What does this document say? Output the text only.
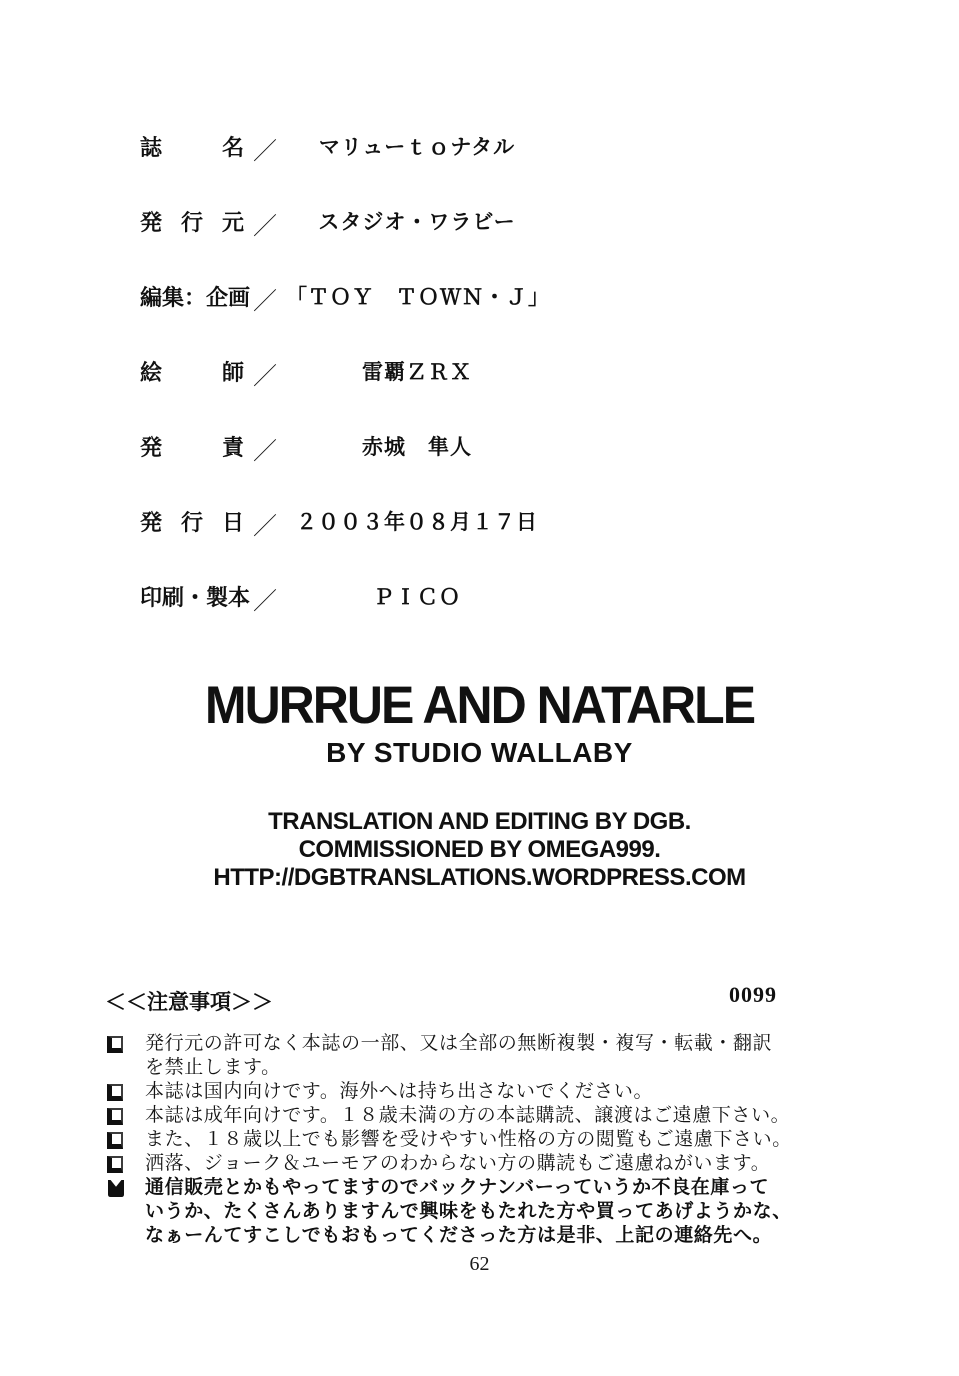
誌名 ／	マリューｔｏナタル
発行元 ／	スタジオ・ワラビー
編集：企画 ／ 「ＴＯＹ　ＴＯＷＮ・Ｊ」
絵師 ／	雷覇ＺＲＸ
発責 ／	赤城　隼人
発行日 ／ ２００３年０８月１７日
印刷・製本 ／	ＰＩＣＯ
MURRUE AND NATARLE
BY STUDIO WALLABY
TRANSLATION AND EDITING BY DGB.
COMMISSIONED BY OMEGA999.
HTTP://DGBTRANSLATIONS.WORDPRESS.COM
＜＜注意事項＞＞	0099
発行元の許可なく本誌の一部、又は全部の無断複製・複写・転載・翻訳
を禁止します。
本誌は国内向けです。海外へは持ち出さないでください。
本誌は成年向けです。１８歳未満の方の本誌購読、譲渡はご遠慮下さい。
また、１８歳以上でも影響を受けやすい性格の方の閲覧もご遠慮下さい。
洒落、ジョーク＆ユーモアのわからない方の購読もご遠慮ねがいます。
通信販売とかもやってますのでバックナンバーっていうか不良在庫って
いうか、たくさんありますんで興味をもたれた方や買ってあげようかな、
なぁーんてすこしでもおもってくださった方は是非、上記の連絡先へ。
62
